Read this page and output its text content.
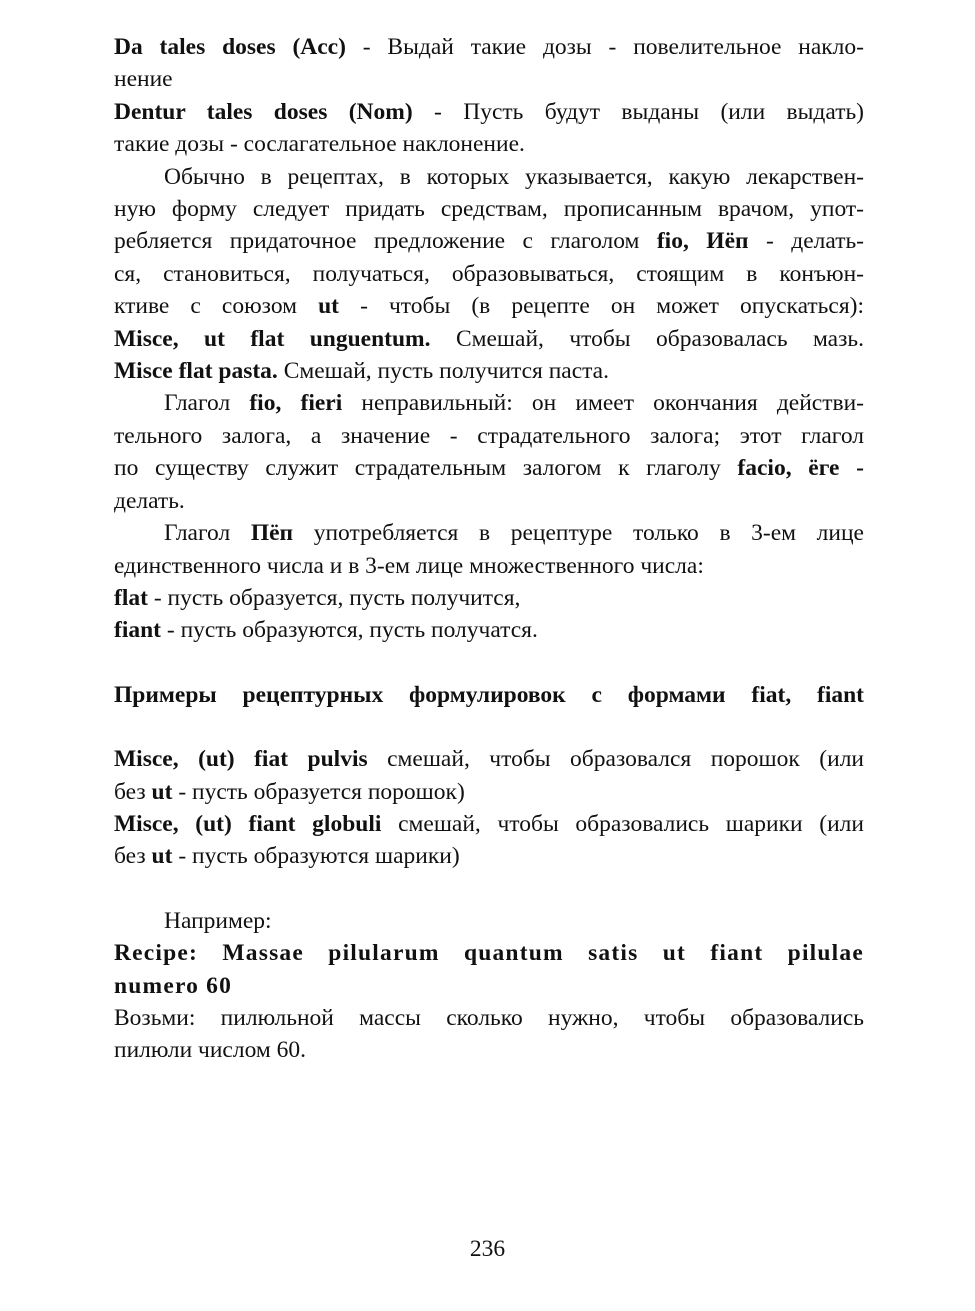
Da tales doses (Acc) - Выдай такие дозы - повелительное накло-
нение
Dentur tales doses (Nom) - Пусть будут выданы (или выдать)
такие дозы - сослагательное наклонение.
Обычно в рецептах, в которых указывается, какую лекарствен-
ную форму следует придать средствам, прописанным врачом, упот-
ребляется придаточное предложение с глаголом fio, Иёп - делать-
ся, становиться, получаться, образовываться, стоящим в конъюн-
ктиве с союзом ut - чтобы (в рецепте он может опускаться):
Misce, ut flat unguentum. Смешай, чтобы образовалась мазь.
Misce flat pasta. Смешай, пусть получится паста.
Глагол fio, fieri неправильный: он имеет окончания действи-
тельного залога, а значение - страдательного залога; этот глагол
по существу служит страдательным залогом к глаголу facio, ёге -
делать.
Глагол Пёп употребляется в рецептуре только в 3-ем лице
единственного числа и в 3-ем лице множественного числа:
flat - пусть образуется, пусть получится,
fiant - пусть образуются, пусть получатся.
Примеры рецептурных формулировок с формами fiat, fiant
Misce, (ut) fiat pulvis смешай, чтобы образовался порошок (или
без ut - пусть образуется порошок)
Misce, (ut) fiant globuli смешай, чтобы образовались шарики (или
без ut - пусть образуются шарики)
Например:
Recipe: Massae pilularum quantum satis ut fiant pilulae
numero 60
Возьми: пилюльной массы сколько нужно, чтобы образовались
пилюли числом 60.
236
